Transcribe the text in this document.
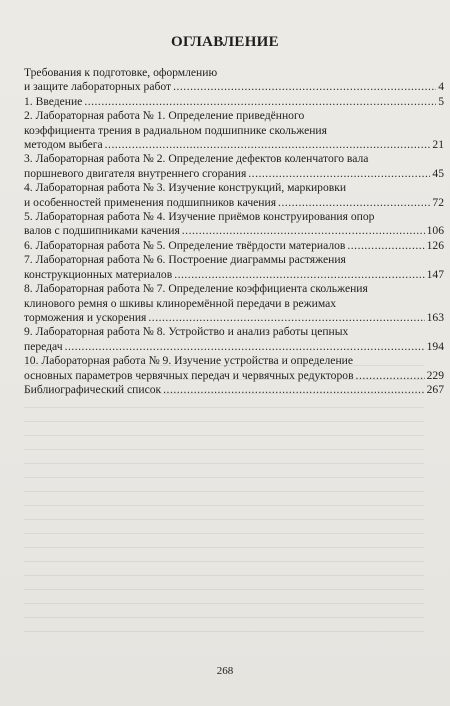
ОГЛАВЛЕНИЕ
Требования к подготовке, оформлению
и защите лабораторных работ .....	4
1. Введение .....	5
2. Лабораторная работа № 1. Определение приведённого
коэффициента трения в радиальном подшипнике скольжения
методом выбега .....	21
3. Лабораторная работа № 2. Определение дефектов коленчатого вала
поршневого двигателя внутреннего сгорания .....	45
4. Лабораторная работа № 3. Изучение конструкций, маркировки
и особенностей применения подшипников качения .....	72
5. Лабораторная работа № 4. Изучение приёмов конструирования опор
валов с подшипниками качения .....	106
6. Лабораторная работа № 5. Определение твёрдости материалов .....	126
7. Лабораторная работа № 6. Построение диаграммы растяжения
конструкционных материалов .....	147
8. Лабораторная работа № 7. Определение коэффициента скольжения
клинового ремня о шкивы клиноремённой передачи в режимах
торможения и ускорения .....	163
9. Лабораторная работа № 8. Устройство и анализ работы цепных
передач .....	194
10. Лабораторная работа № 9. Изучение устройства и определение
основных параметров червячных передач и червячных редукторов .....	229
Библиографический список .....	267
268
